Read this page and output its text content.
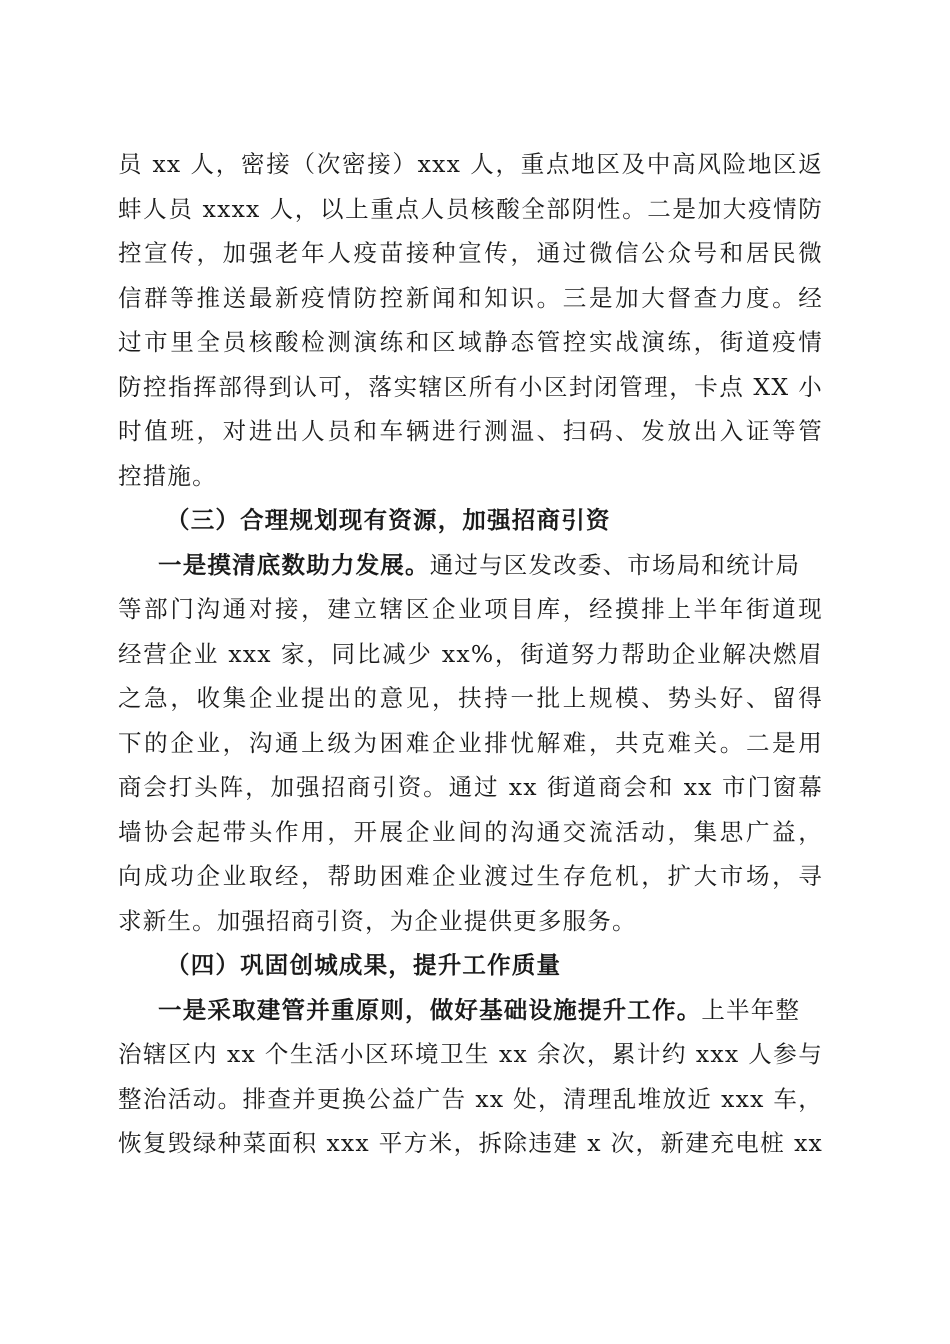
员 xx 人，密接（次密接）xxx 人，重点地区及中高风险地区返
蚌人员 xxxx 人，以上重点人员核酸全部阴性。二是加大疫情防
控宣传，加强老年人疫苗接种宣传，通过微信公众号和居民微
信群等推送最新疫情防控新闻和知识。三是加大督查力度。经
过市里全员核酸检测演练和区域静态管控实战演练，街道疫情
防控指挥部得到认可，落实辖区所有小区封闭管理，卡点 XX 小
时值班，对进出人员和车辆进行测温、扫码、发放出入证等管
控措施。
（三）合理规划现有资源，加强招商引资
一是摸清底数助力发展。通过与区发改委、市场局和统计局
等部门沟通对接，建立辖区企业项目库，经摸排上半年街道现
经营企业 xxx 家，同比减少 xx%，街道努力帮助企业解决燃眉
之急，收集企业提出的意见，扶持一批上规模、势头好、留得
下的企业，沟通上级为困难企业排忧解难，共克难关。二是用
商会打头阵，加强招商引资。通过 xx 街道商会和 xx 市门窗幕
墙协会起带头作用，开展企业间的沟通交流活动，集思广益，
向成功企业取经，帮助困难企业渡过生存危机，扩大市场，寻
求新生。加强招商引资，为企业提供更多服务。
（四）巩固创城成果，提升工作质量
一是采取建管并重原则，做好基础设施提升工作。上半年整
治辖区内 xx 个生活小区环境卫生 xx 余次，累计约 xxx 人参与
整治活动。排查并更换公益广告 xx 处，清理乱堆放近 xxx 车，
恢复毁绿种菜面积 xxx 平方米，拆除违建 x 次，新建充电桩 xx
